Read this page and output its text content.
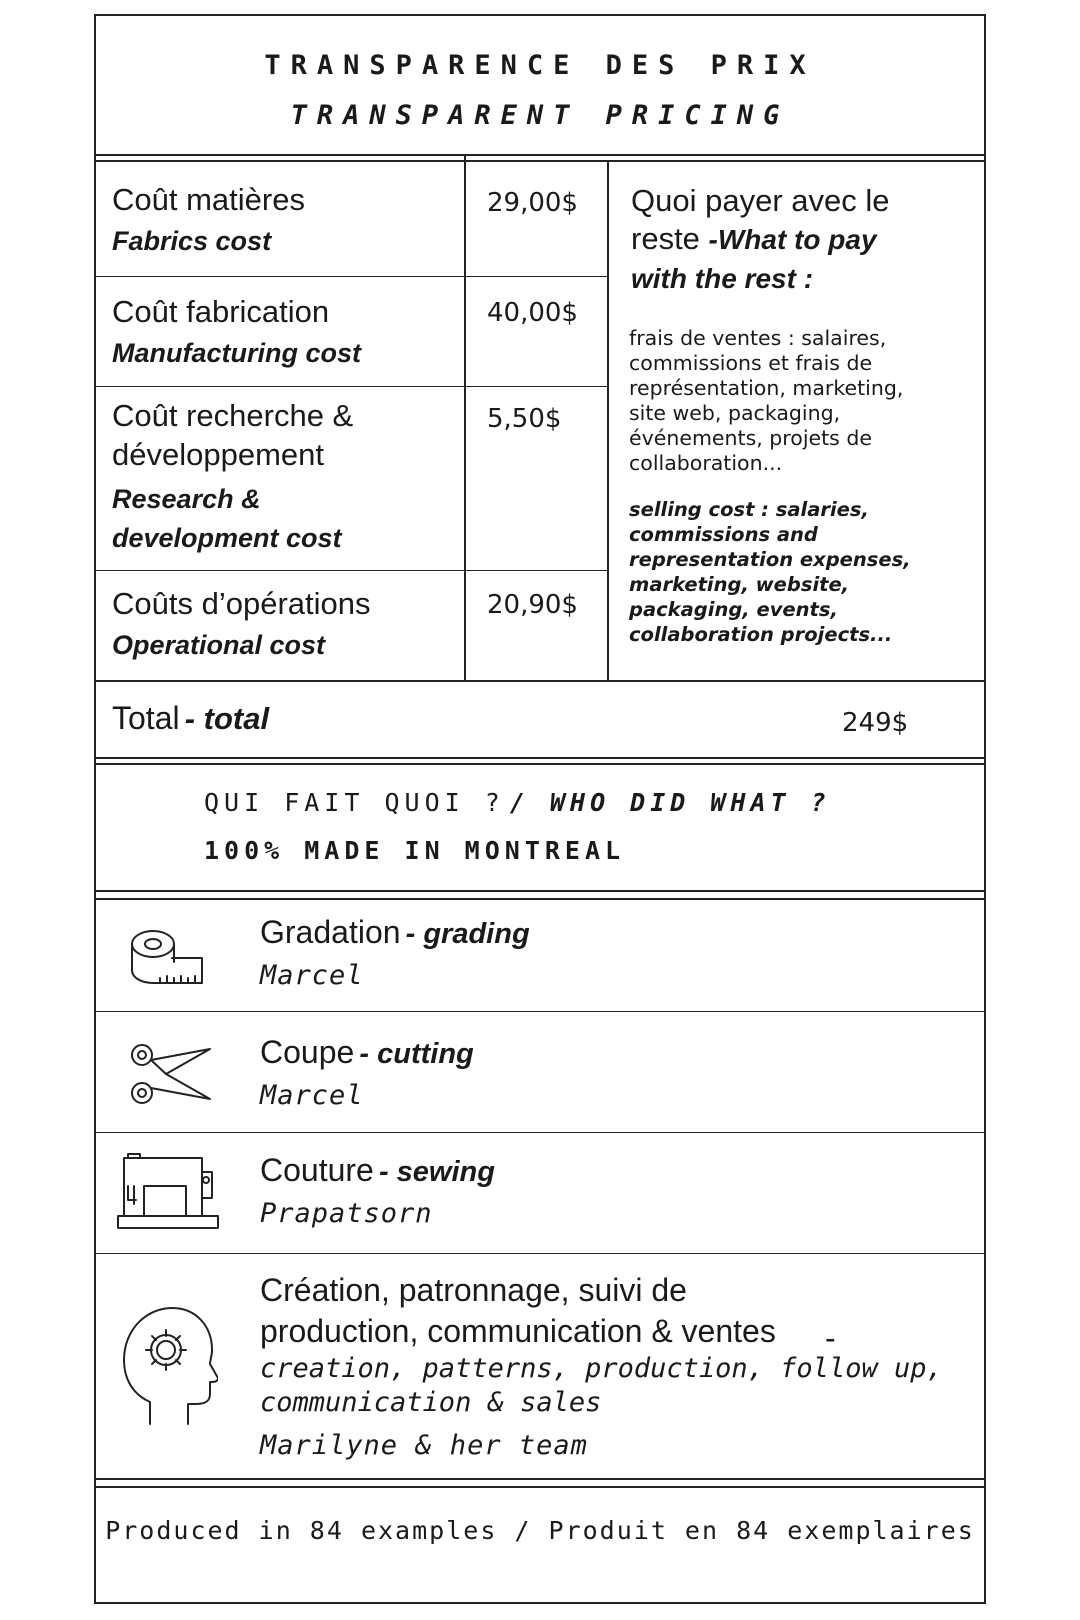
TRANSPARENCE DES PRIX
TRANSPARENT PRICING
Coût matières
Fabrics cost
29,00$
Coût fabrication
Manufacturing cost
40,00$
Coût recherche &
développement
Research &
development cost
5,50$
Coûts d’opérations
Operational cost
20,90$
Quoi payer avec le
reste -What to pay
with the rest :
frais de ventes : salaires,
commissions et frais de
représentation, marketing,
site web, packaging,
événements, projets de
collaboration...
selling cost : salaries,
commissions and
representation expenses,
marketing, website,
packaging, events,
collaboration projects...
Total - total	249$
QUI FAIT QUOI ? / WHO DID WHAT ?
100% MADE IN MONTREAL
Gradation - grading
Marcel
Coupe - cutting
Marcel
Couture - sewing
Prapatsorn
Création, patronnage, suivi de
production, communication & ventes -
creation, patterns, production, follow up,
communication & sales
Marilyne & her team
Produced in 84 examples / Produit en 84 exemplaires
